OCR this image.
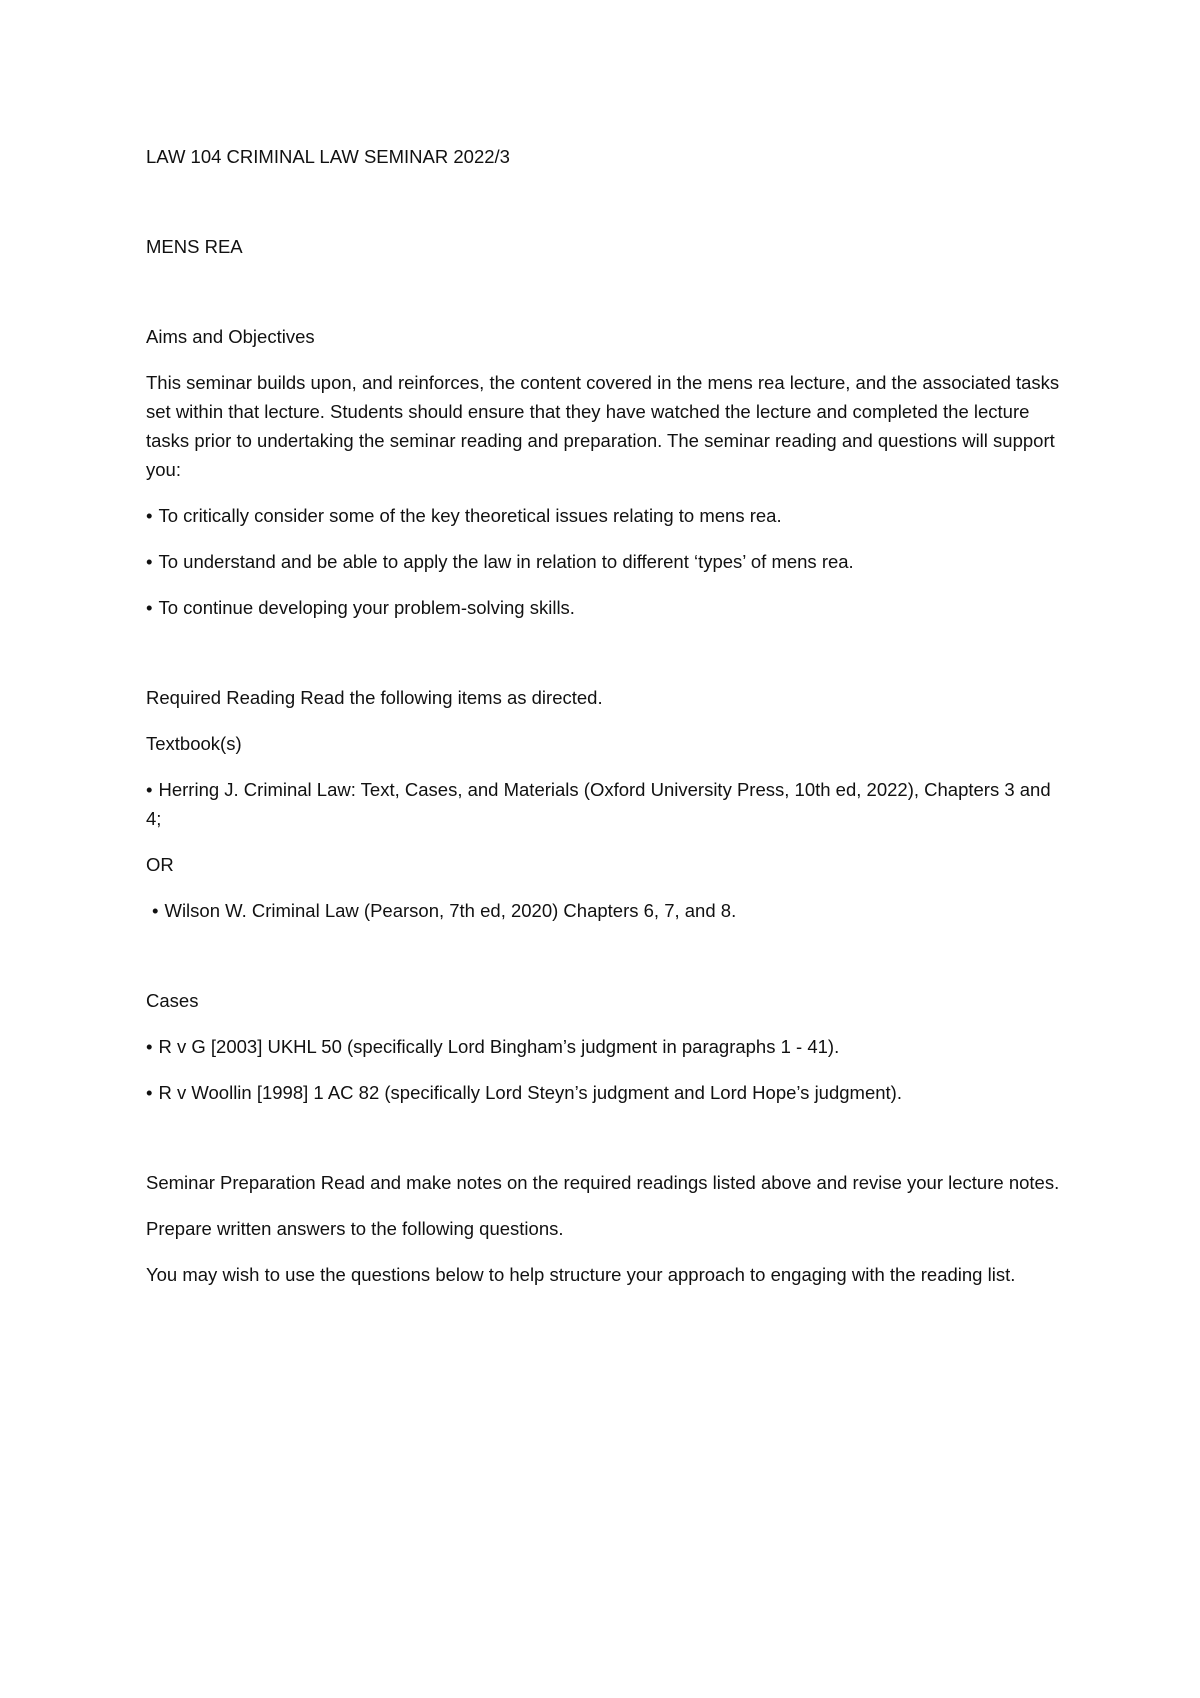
LAW 104 CRIMINAL LAW SEMINAR 2022/3

MENS REA

Aims and Objectives

This seminar builds upon, and reinforces, the content covered in the mens rea lecture, and the associated tasks set within that lecture. Students should ensure that they have watched the lecture and completed the lecture tasks prior to undertaking the seminar reading and preparation. The seminar reading and questions will support you:

• To critically consider some of the key theoretical issues relating to mens rea.

• To understand and be able to apply the law in relation to different ‘types’ of mens rea.

• To continue developing your problem-solving skills.

Required Reading Read the following items as directed.

Textbook(s)

• Herring J. Criminal Law: Text, Cases, and Materials (Oxford University Press, 10th ed, 2022), Chapters 3 and 4;

OR

• Wilson W. Criminal Law (Pearson, 7th ed, 2020) Chapters 6, 7, and 8.

Cases

• R v G [2003] UKHL 50 (specifically Lord Bingham’s judgment in paragraphs 1 - 41).

• R v Woollin [1998] 1 AC 82 (specifically Lord Steyn’s judgment and Lord Hope’s judgment).

Seminar Preparation Read and make notes on the required readings listed above and revise your lecture notes.

Prepare written answers to the following questions.

You may wish to use the questions below to help structure your approach to engaging with the reading list.
